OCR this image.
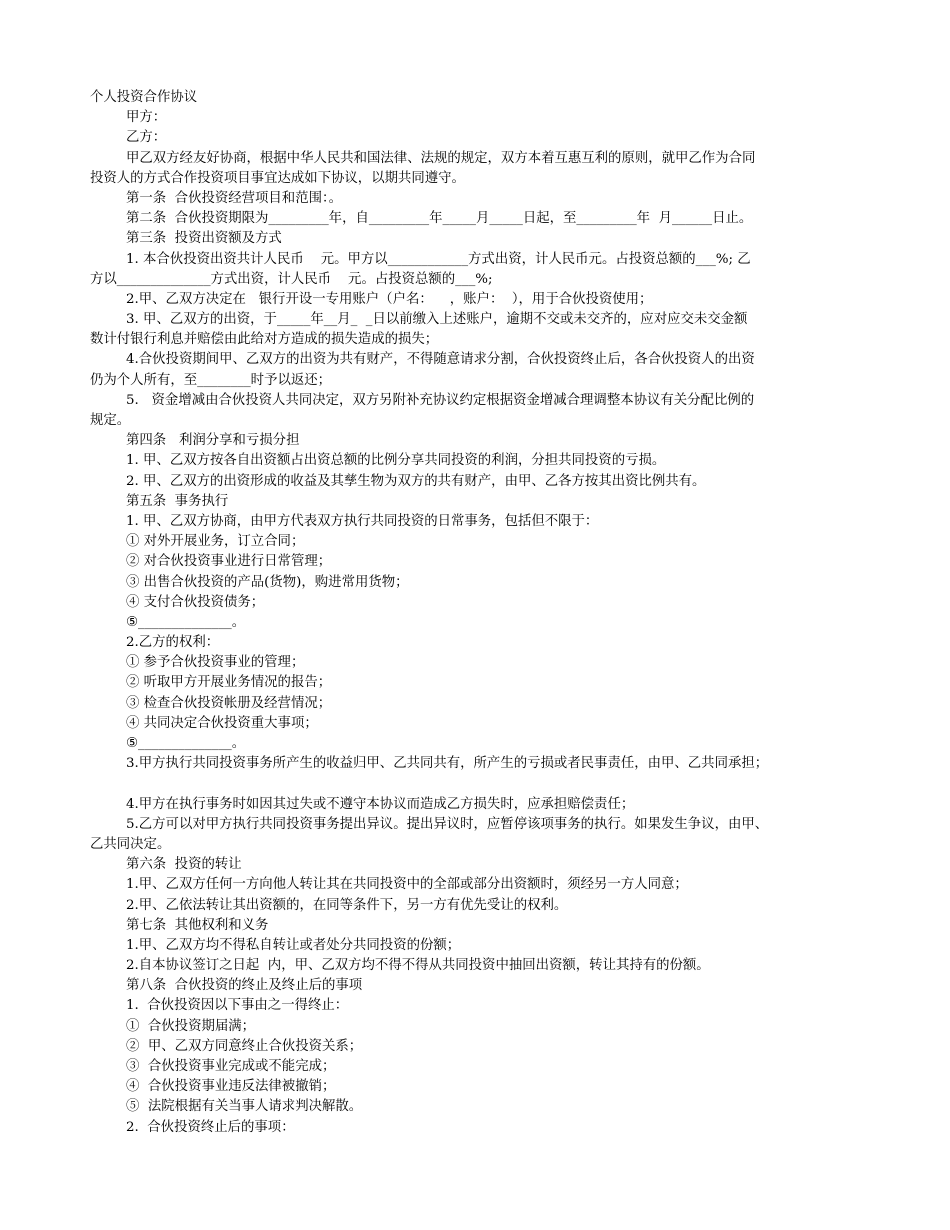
个人投资合作协议
甲方：
乙方：
甲乙双方经友好协商，根据中华人民共和国法律、法规的规定，双方本着互惠互利的原则，就甲乙作为合同
投资人的方式合作投资项目事宜达成如下协议，以期共同遵守。
第一条  合伙投资经营项目和范围：。
第二条  合伙投资期限为_________年，自_________年_____月_____日起，至_________年  月______日止。
第三条  投资出资额及方式
1. 本合伙投资出资共计人民币    元。甲方以____________方式出资，计人民币元。占投资总额的___%; 乙
方以______________方式出资，计人民币    元。占投资总额的___%;
2.甲、乙双方决定在   银行开设一专用账户（户名：    ，账户：  ），用于合伙投资使用；
3. 甲、乙双方的出资，于_____年__月_  _日以前缴入上述账户，逾期不交或未交齐的，应对应交未交金额
数计付银行利息并赔偿由此给对方造成的损失造成的损失；
4.合伙投资期间甲、乙双方的出资为共有财产，不得随意请求分割，合伙投资终止后，各合伙投资人的出资
仍为个人所有，至________时予以返还；
5.   资金增减由合伙投资人共同决定，双方另附补充协议约定根据资金增减合理调整本协议有关分配比例的
规定。
第四条   利润分享和亏损分担
1. 甲、乙双方按各自出资额占出资总额的比例分享共同投资的利润，分担共同投资的亏损。
2. 甲、乙双方的出资形成的收益及其孳生物为双方的共有财产，由甲、乙各方按其出资比例共有。
第五条  事务执行
1. 甲、乙双方协商，由甲方代表双方执行共同投资的日常事务，包括但不限于：
① 对外开展业务，订立合同；
② 对合伙投资事业进行日常管理；
③ 出售合伙投资的产品(货物)，购进常用货物；
④ 支付合伙投资债务；
⑤______________。
2.乙方的权利：
① 参予合伙投资事业的管理；
② 听取甲方开展业务情况的报告；
③ 检查合伙投资帐册及经营情况；
④ 共同决定合伙投资重大事项；
⑤______________。
3.甲方执行共同投资事务所产生的收益归甲、乙共同共有，所产生的亏损或者民事责任，由甲、乙共同承担；
4.甲方在执行事务时如因其过失或不遵守本协议而造成乙方损失时，应承担赔偿责任；
5.乙方可以对甲方执行共同投资事务提出异议。提出异议时，应暂停该项事务的执行。如果发生争议，由甲、
乙共同决定。
第六条  投资的转让
1.甲、乙双方任何一方向他人转让其在共同投资中的全部或部分出资额时，须经另一方人同意；
2.甲、乙依法转让其出资额的，在同等条件下，另一方有优先受让的权利。
第七条  其他权利和义务
1.甲、乙双方均不得私自转让或者处分共同投资的份额；
2.自本协议签订之日起  内，甲、乙双方均不得不得从共同投资中抽回出资额，转让其持有的份额。
第八条  合伙投资的终止及终止后的事项
1.  合伙投资因以下事由之一得终止：
①  合伙投资期届满；
②  甲、乙双方同意终止合伙投资关系；
③  合伙投资事业完成或不能完成；
④  合伙投资事业违反法律被撤销；
⑤  法院根据有关当事人请求判决解散。
2.  合伙投资终止后的事项：
